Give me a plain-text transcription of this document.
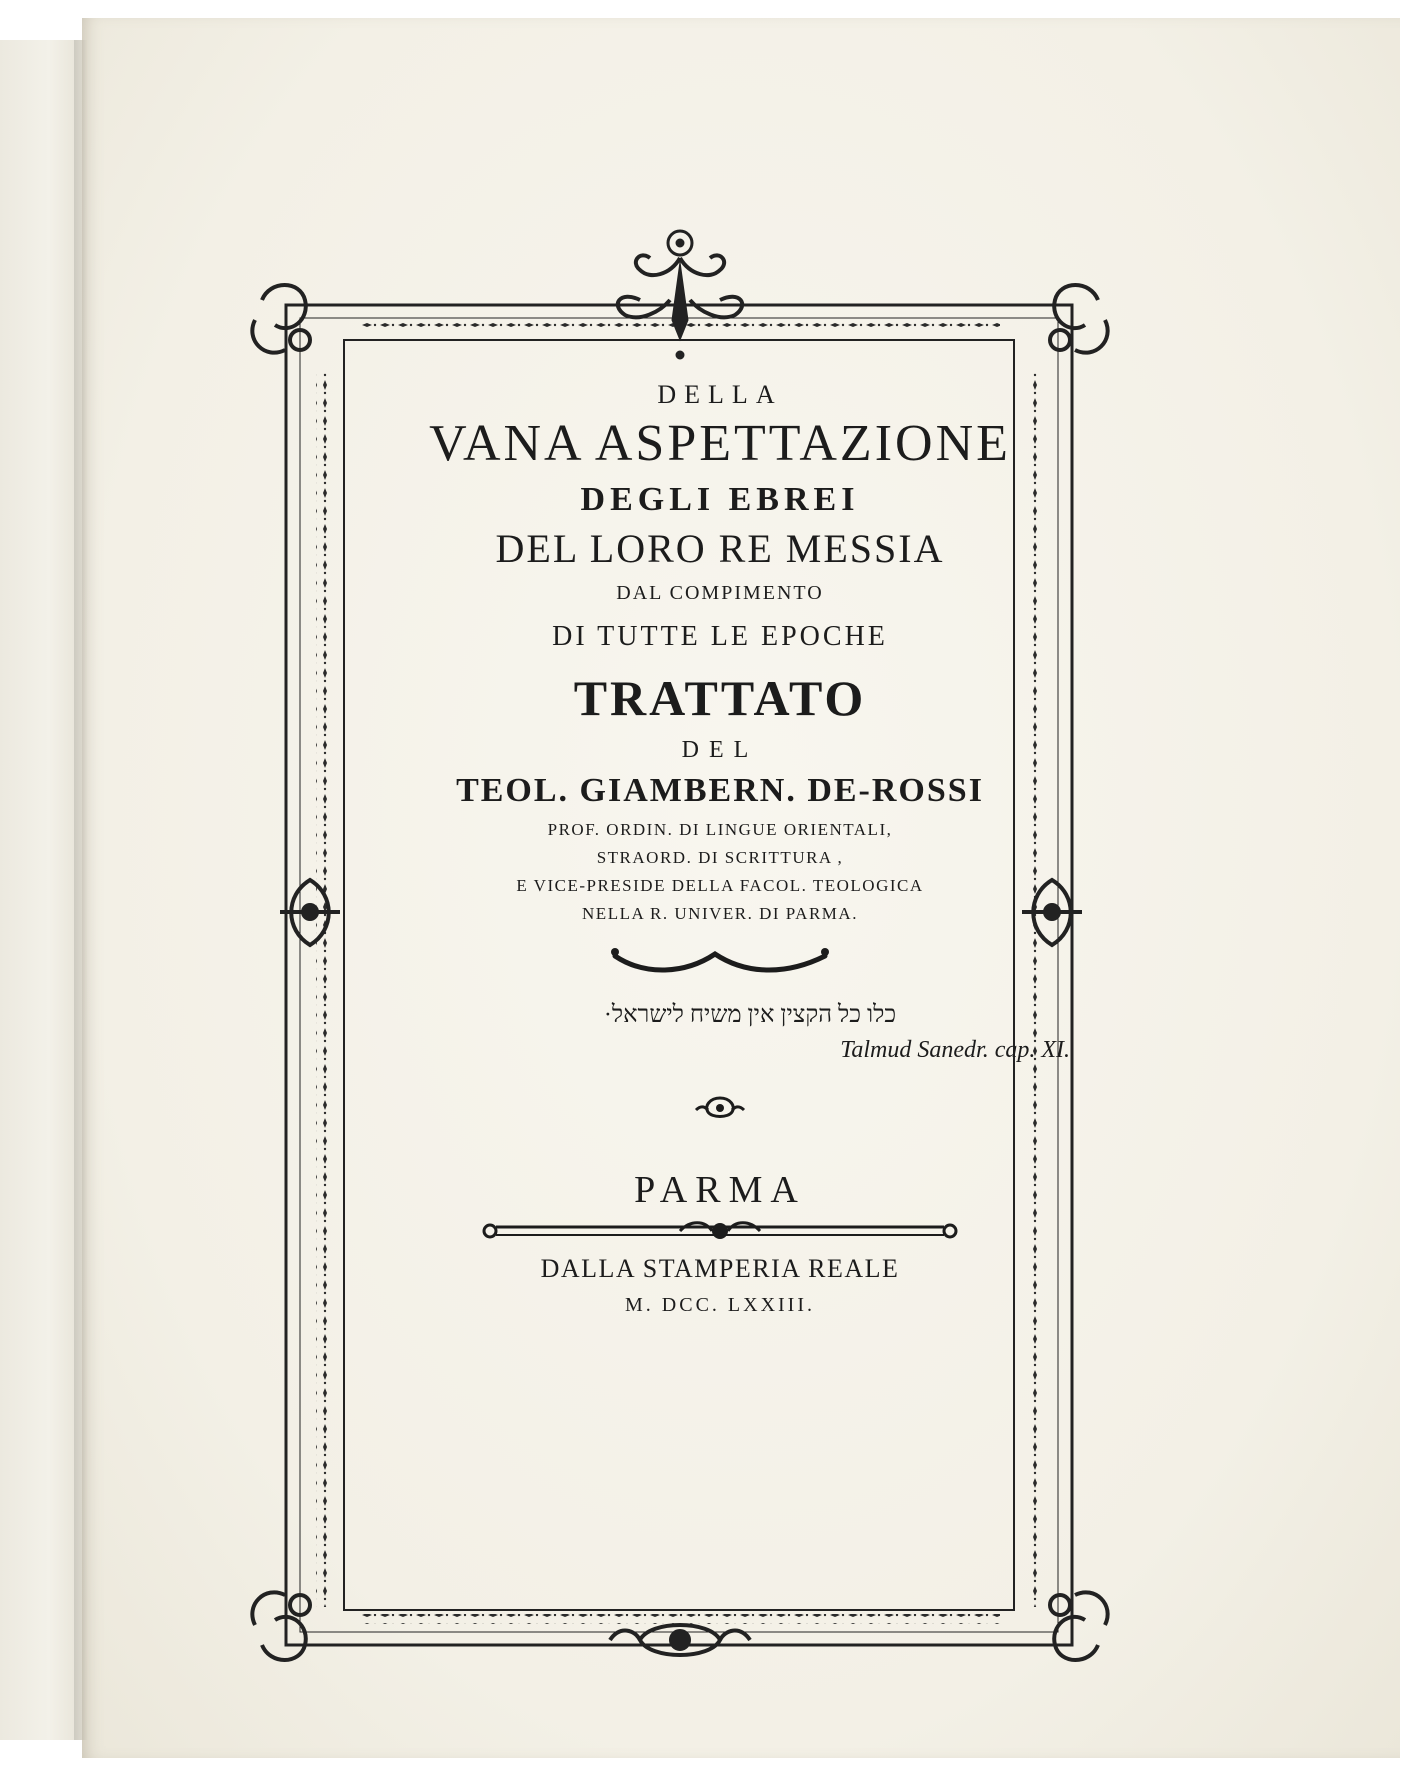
DELLA
VANA ASPETTAZIONE
DEGLI EBREI
DEL LORO RE MESSIA
DAL COMPIMENTO
DI TUTTE LE EPOCHE
TRATTATO
DEL
TEOL. GIAMBERN. DE-ROSSI
PROF. ORDIN. DI LINGUE ORIENTALI,
STRAORD. DI SCRITTURA ,
E VICE-PRESIDE DELLA FACOL. TEOLOGICA
NELLA R. UNIVER. DI PARMA.
כלו כל הקצין אין משיח לישראל·
Talmud Sanedr. cap. XI.
PARMA
DALLA STAMPERIA REALE
M. DCC. LXXIII.
